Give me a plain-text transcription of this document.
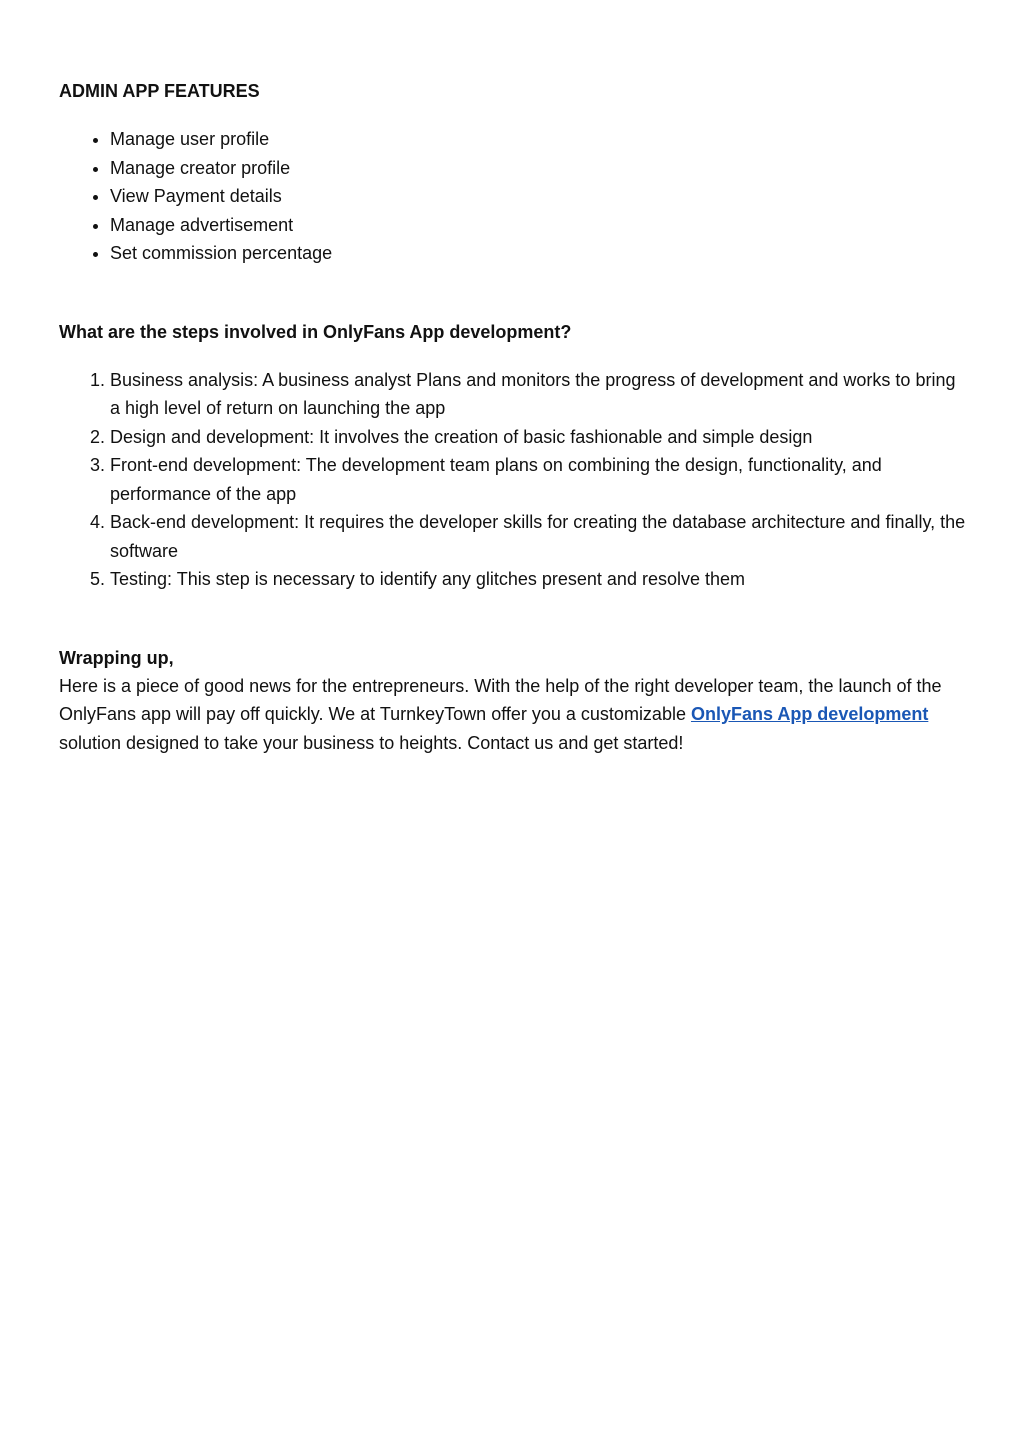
ADMIN APP FEATURES
• Manage user profile
• Manage creator profile
• View Payment details
• Manage advertisement
• Set commission percentage
What are the steps involved in OnlyFans App development?
1. Business analysis: A business analyst Plans and monitors the progress of development and works to bring a high level of return on launching the app
2. Design and development: It involves the creation of basic fashionable and simple design
3. Front-end development: The development team plans on combining the design, functionality, and performance of the app
4. Back-end development: It requires the developer skills for creating the database architecture and finally, the software
5. Testing: This step is necessary to identify any glitches present and resolve them
Wrapping up,

Here is a piece of good news for the entrepreneurs. With the help of the right developer team, the launch of the OnlyFans app will pay off quickly. We at TurnkeyTown offer you a customizable OnlyFans App development solution designed to take your business to heights. Contact us and get started!
